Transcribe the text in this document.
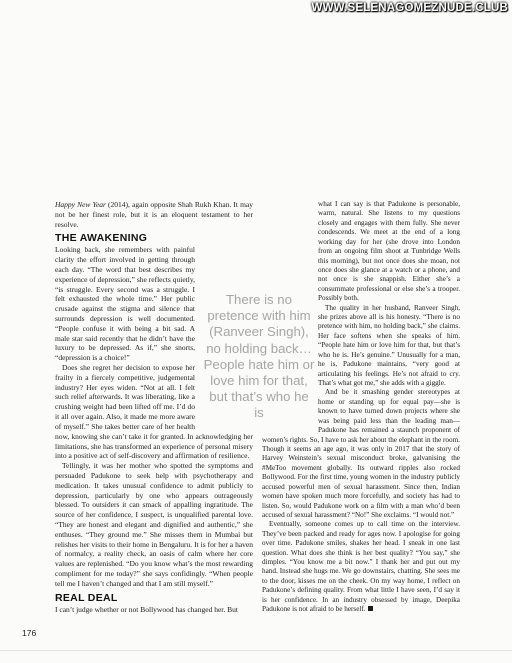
WWW.SELENAGOMEZNUDE.CLUB

Happy New Year (2014), again opposite Shah Rukh Khan. It may not be her finest role, but it is an eloquent testament to her resolve.

THE AWAKENING

Looking back, she remembers with painful clarity the effort involved in getting through each day. “The word that best describes my experience of depression,” she reflects quietly, “is struggle. Every second was a struggle. I felt exhausted the whole time.” Her public crusade against the stigma and silence that surrounds depression is well documented. “People confuse it with being a bit sad. A male star said recently that he didn’t have the luxury to be depressed. As if,” she snorts, “depression is a choice!”

Does she regret her decision to expose her frailty in a fiercely competitive, judgemental industry? Her eyes widen. “Not at all. I felt such relief afterwards. It was liberating, like a crushing weight had been lifted off me. I’d do it all over again. Also, it made me more aware of myself.” She takes better care of her health now, knowing she can’t take it for granted. In acknowledging her limitations, she has transformed an experience of personal misery into a positive act of self-discovery and affirmation of resilience.

Tellingly, it was her mother who spotted the symptoms and persuaded Padukone to seek help with psychotherapy and medication. It takes unusual confidence to admit publicly to depression, particularly by one who appears outrageously blessed. To outsiders it can smack of appalling ingratitude. The source of her confidence, I suspect, is unqualified parental love. “They are honest and elegant and dignified and authentic,” she enthuses. “They ground me.” She misses them in Mumbai but relishes her visits to their home in Bengaluru. It is for her a haven of normalcy, a reality check, an oasis of calm where her core values are replenished. “Do you know what’s the most rewarding compliment for me today?” she says confidingly. “When people tell me I haven’t changed and that I am still myself.”

REAL DEAL

I can’t judge whether or not Bollywood has changed her. But

what I can say is that Padukone is personable, warm, natural. She listens to my questions closely and engages with them fully. She never condescends. We meet at the end of a long working day for her (she drove into London from an ongoing film shoot at Tunbridge Wells this morning), but not once does she moan, not once does she glance at a watch or a phone, and not once is she snappish. Either she’s a consummate professional or else she’s a trooper. Possibly both.

The quality in her husband, Ranveer Singh, she prizes above all is his honesty. “There is no pretence with him, no holding back,” she claims. Her face softens when she speaks of him. “People hate him or love him for that, but that’s who he is. He’s genuine.” Unusually for a man, he is, Padukone maintains, “very good at articulating his feelings. He’s not afraid to cry. That’s what got me,” she adds with a giggle.

And be it smashing gender stereotypes at home or standing up for equal pay—she is known to have turned down projects where she was being paid less than the leading man—Padukone has remained a staunch proponent of women’s rights. So, I have to ask her about the elephant in the room. Though it seems an age ago, it was only in 2017 that the story of Harvey Weinstein’s sexual misconduct broke, galvanising the #MeToo movement globally. Its outward ripples also rocked Bollywood. For the first time, young women in the industry publicly accused powerful men of sexual harassment. Since then, Indian women have spoken much more forcefully, and society has had to listen. So, would Padukone work on a film with a man who’d been accused of sexual harassment? “No!” She exclaims. “I would not.”

Eventually, someone comes up to call time on the interview. They’ve been packed and ready for ages now. I apologise for going over time. Padukone smiles, shakes her head. I sneak in one last question. What does she think is her best quality? “You say,” she dimples. “You know me a bit now.” I thank her and put out my hand. Instead she hugs me. We go downstairs, chatting. She sees me to the door, kisses me on the cheek. On my way home, I reflect on Padukone’s defining quality. From what little I have seen, I’d say it is her confidence. In an industry obsessed by image, Deepika Padukone is not afraid to be herself.

There is no pretence with him (Ranveer Singh), no holding back… People hate him or love him for that, but that’s who he is
176
